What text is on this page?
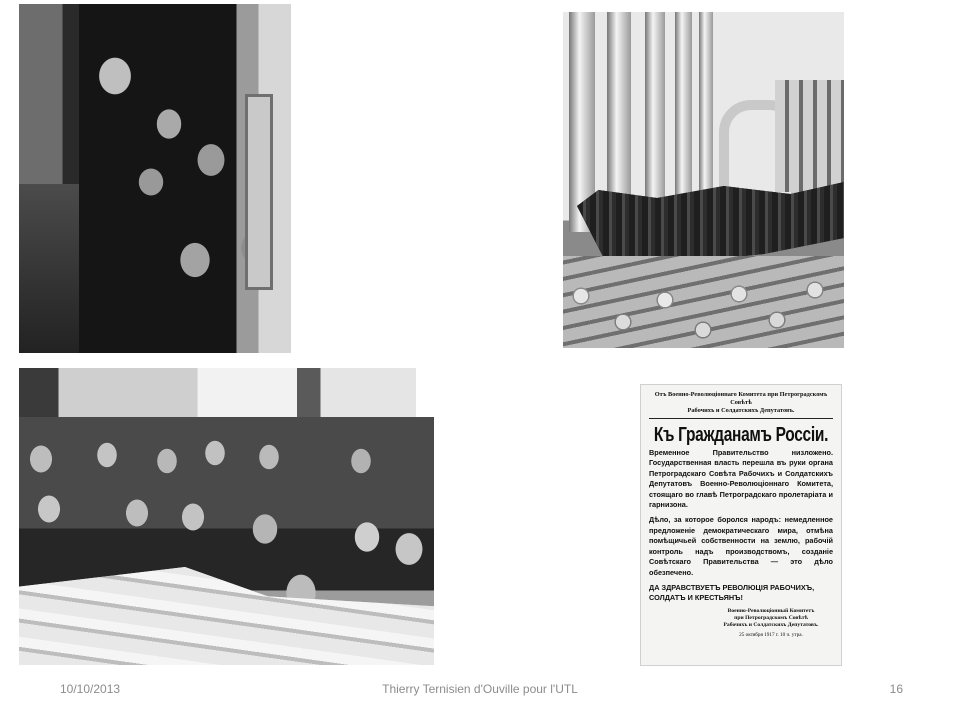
Отъ Военно-Революціоннаго Комитета при Петроградскомъ Совѣтѣ
Рабочихъ и Солдатскихъ Депутатовъ.
Къ Гражданамъ Россіи.

Временное Правительство низложено. Государственная власть перешла въ руки органа Петроградскаго Совѣта Рабочихъ и Солдатскихъ Депутатовъ Военно-Революціоннаго Комитета, стоящаго во главѣ Петроградскаго пролетаріата и гарнизона.

Дѣло, за которое боролся народъ: немедленное предложеніе демократическаго мира, отмѣна помѣщичьей собственности на землю, рабочій контроль надъ производствомъ, созданіе Совѣтскаго Правительства — это дѣло обезпечено.

ДА ЗДРАВСТВУЕТЪ РЕВОЛЮЦІЯ РАБОЧИХЪ, СОЛДАТЪ И КРЕСТЬЯНЪ!

Военно-Революціонный Комитетъ
при Петроградскомъ Совѣтѣ
Рабочихъ и Солдатскихъ Депутатовъ.
25 октября 1917 г. 10 ч. утра.
10/10/2013	Thierry Ternisien d'Ouville pour l'UTL	16
